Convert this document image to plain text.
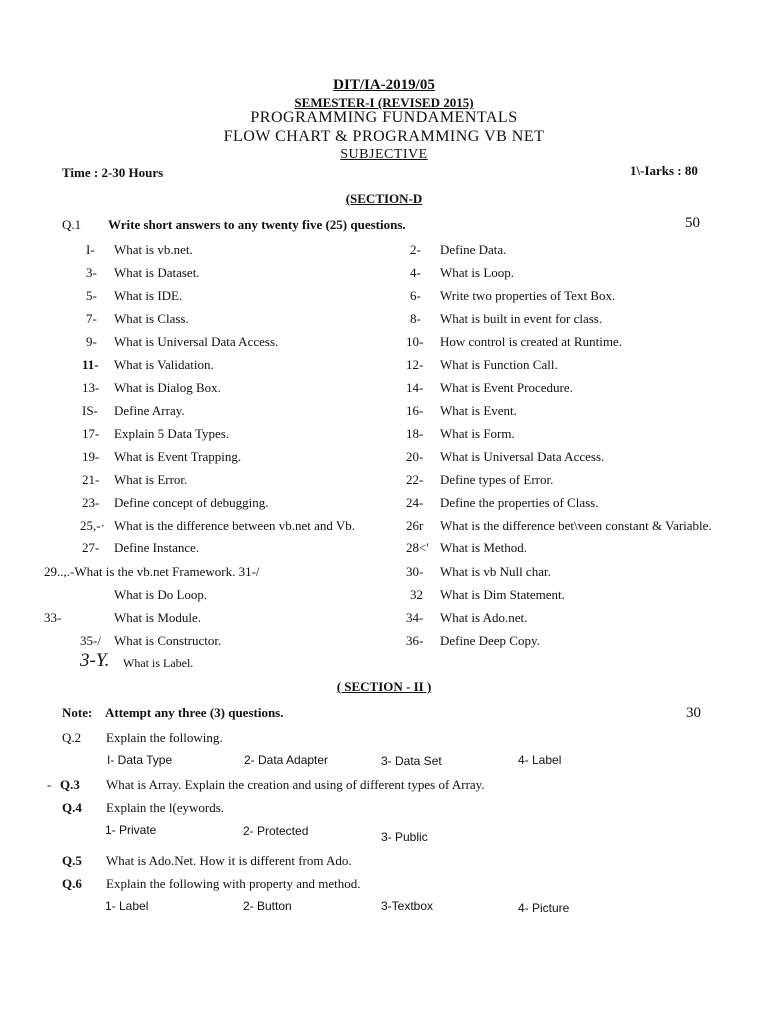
DIT/IA-2019/05
SEMESTER-I (REVISED 2015)
PROGRAMMING FUNDAMENTALS
FLOW CHART & PROGRAMMING VB NET
SUBJECTIVE
Time : 2-30 Hours	1\-Iarks : 80
(SECTION-D
Q.1 Write short answers to any twenty five (25) questions.	50
I- What is vb.net.
3- What is Dataset.
5- What is IDE.
7- What is Class.
9- What is Universal Data Access.
11- What is Validation.
13- What is Dialog Box.
IS- Define Array.
17- Explain 5 Data Types.
19- What is Event Trapping.
21- What is Error.
23- Define concept of debugging.
25,-· What is the difference between vb.net and Vb.
27- Define Instance.
29..,.-What is the vb.net Framework. 31-/
What is Do Loop.
33-	What is Module.
35-/ What is Constructor.
3-Y. What is Label.
2- Define Data.
4- What is Loop.
6- Write two properties of Text Box.
8- What is built in event for class.
10- How control is created at Runtime.
12- What is Function Call.
14- What is Event Procedure.
16- What is Event.
18- What is Form.
20- What is Universal Data Access.
22- Define types of Error.
24- Define the properties of Class.
26r What is the difference bet\veen constant & Variable.
28<' What is Method.
30- What is vb Null char.
32 What is Dim Statement.
34- What is Ado.net.
36- Define Deep Copy.
( SECTION - II )
Note: Attempt any three (3) questions.	30
Q.2 Explain the following.
I- Data Type	2- Data Adapter	3- Data Set	4- Label
- Q.3 What is Array. Explain the creation and using of different types of Array.
Q.4 Explain the l(eywords.
1- Private	2- Protected	3- Public
Q.5 What is Ado.Net. How it is different from Ado.
Q.6 Explain the following with property and method.
1- Label	2- Button	3-Textbox	4- Picture
